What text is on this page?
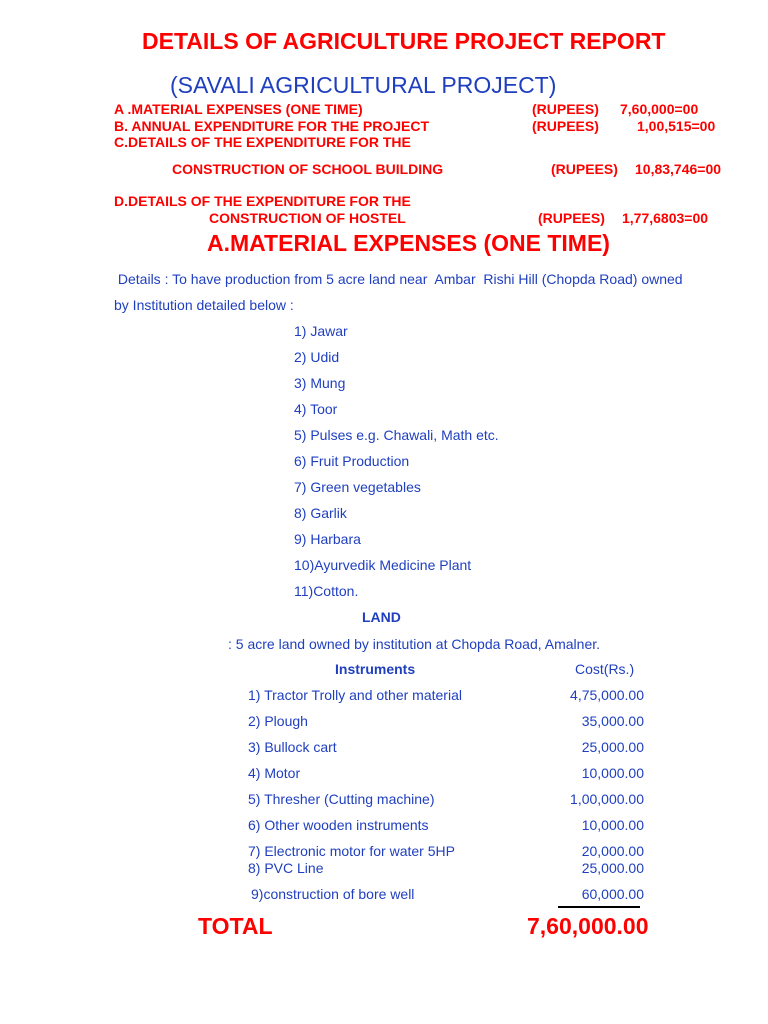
DETAILS OF AGRICULTURE PROJECT REPORT
(SAVALI AGRICULTURAL PROJECT)
A .MATERIAL EXPENSES (ONE TIME)	(RUPEES) 7,60,000=00
B. ANNUAL EXPENDITURE FOR THE PROJECT	(RUPEES)	1,00,515=00
C.DETAILS OF THE EXPENDITURE FOR THE
CONSTRUCTION OF SCHOOL BUILDING	(RUPEES) 10,83,746=00
D.DETAILS OF THE EXPENDITURE FOR THE
CONSTRUCTION OF HOSTEL	(RUPEES) 1,77,6803=00
A.MATERIAL EXPENSES (ONE TIME)
Details : To have production from 5 acre land near  Ambar  Rishi Hill (Chopda Road) owned
by Institution detailed below :
1) Jawar
2) Udid
3) Mung
4) Toor
5) Pulses e.g. Chawali, Math etc.
6) Fruit Production
7) Green vegetables
8) Garlik
9) Harbara
10)Ayurvedik Medicine Plant
11)Cotton.
LAND
: 5 acre land owned by institution at Chopda Road, Amalner.
Instruments	Cost(Rs.)
1) Tractor Trolly and other material	4,75,000.00
2) Plough	35,000.00
3) Bullock cart	25,000.00
4) Motor	10,000.00
5) Thresher (Cutting machine)	1,00,000.00
6) Other wooden instruments	10,000.00
7) Electronic motor for water 5HP	20,000.00
8) PVC Line	25,000.00
9)construction of bore well	60,000.00
TOTAL	7,60,000.00
